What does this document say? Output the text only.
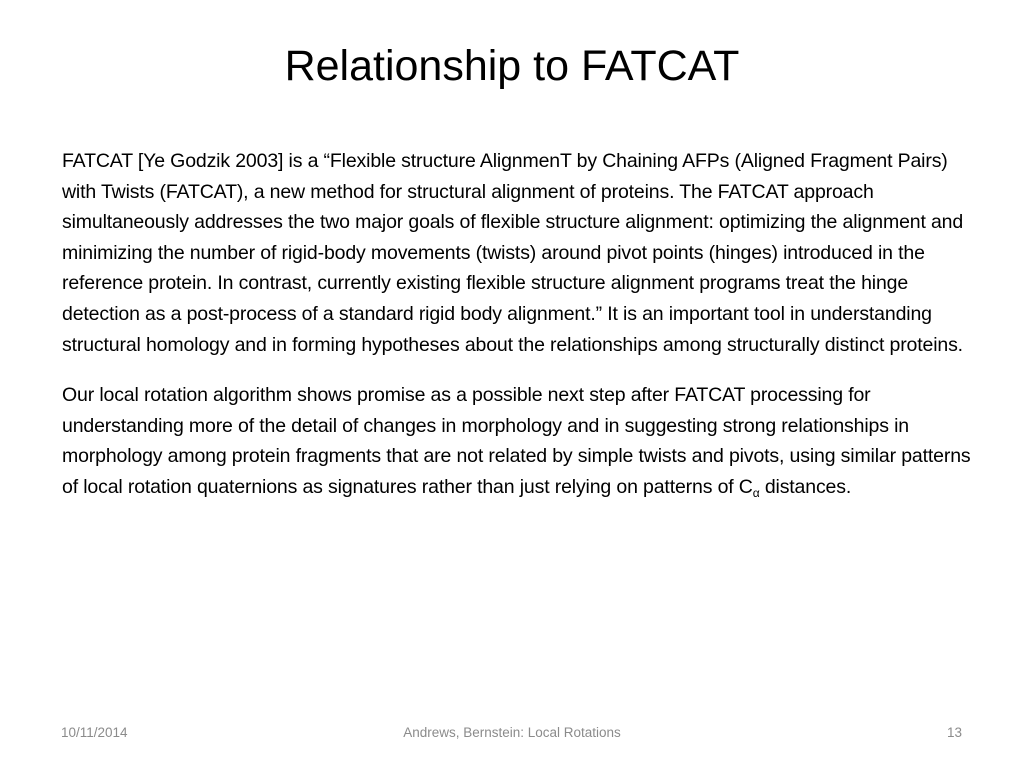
Relationship to FATCAT

FATCAT [Ye Godzik 2003] is a “Flexible structure AlignmenT by Chaining AFPs (Aligned Fragment Pairs) with Twists (FATCAT), a new method for structural alignment of proteins. The FATCAT approach simultaneously addresses the two major goals of flexible structure alignment: optimizing the alignment and minimizing the number of rigid-body movements (twists) around pivot points (hinges) introduced in the reference protein. In contrast, currently existing flexible structure alignment programs treat the hinge detection as a post-process of a standard rigid body alignment.” It is an important tool in understanding structural homology and in forming hypotheses about the relationships among structurally distinct proteins.

Our local rotation algorithm shows promise as a possible next step after FATCAT processing for understanding more of the detail of changes in morphology and in suggesting strong relationships in morphology among protein fragments that are not related by simple twists and pivots, using similar patterns of local rotation quaternions as signatures rather than just relying on patterns of $C_\alpha$ distances.

10/11/2014	Andrews, Bernstein: Local Rotations	13
